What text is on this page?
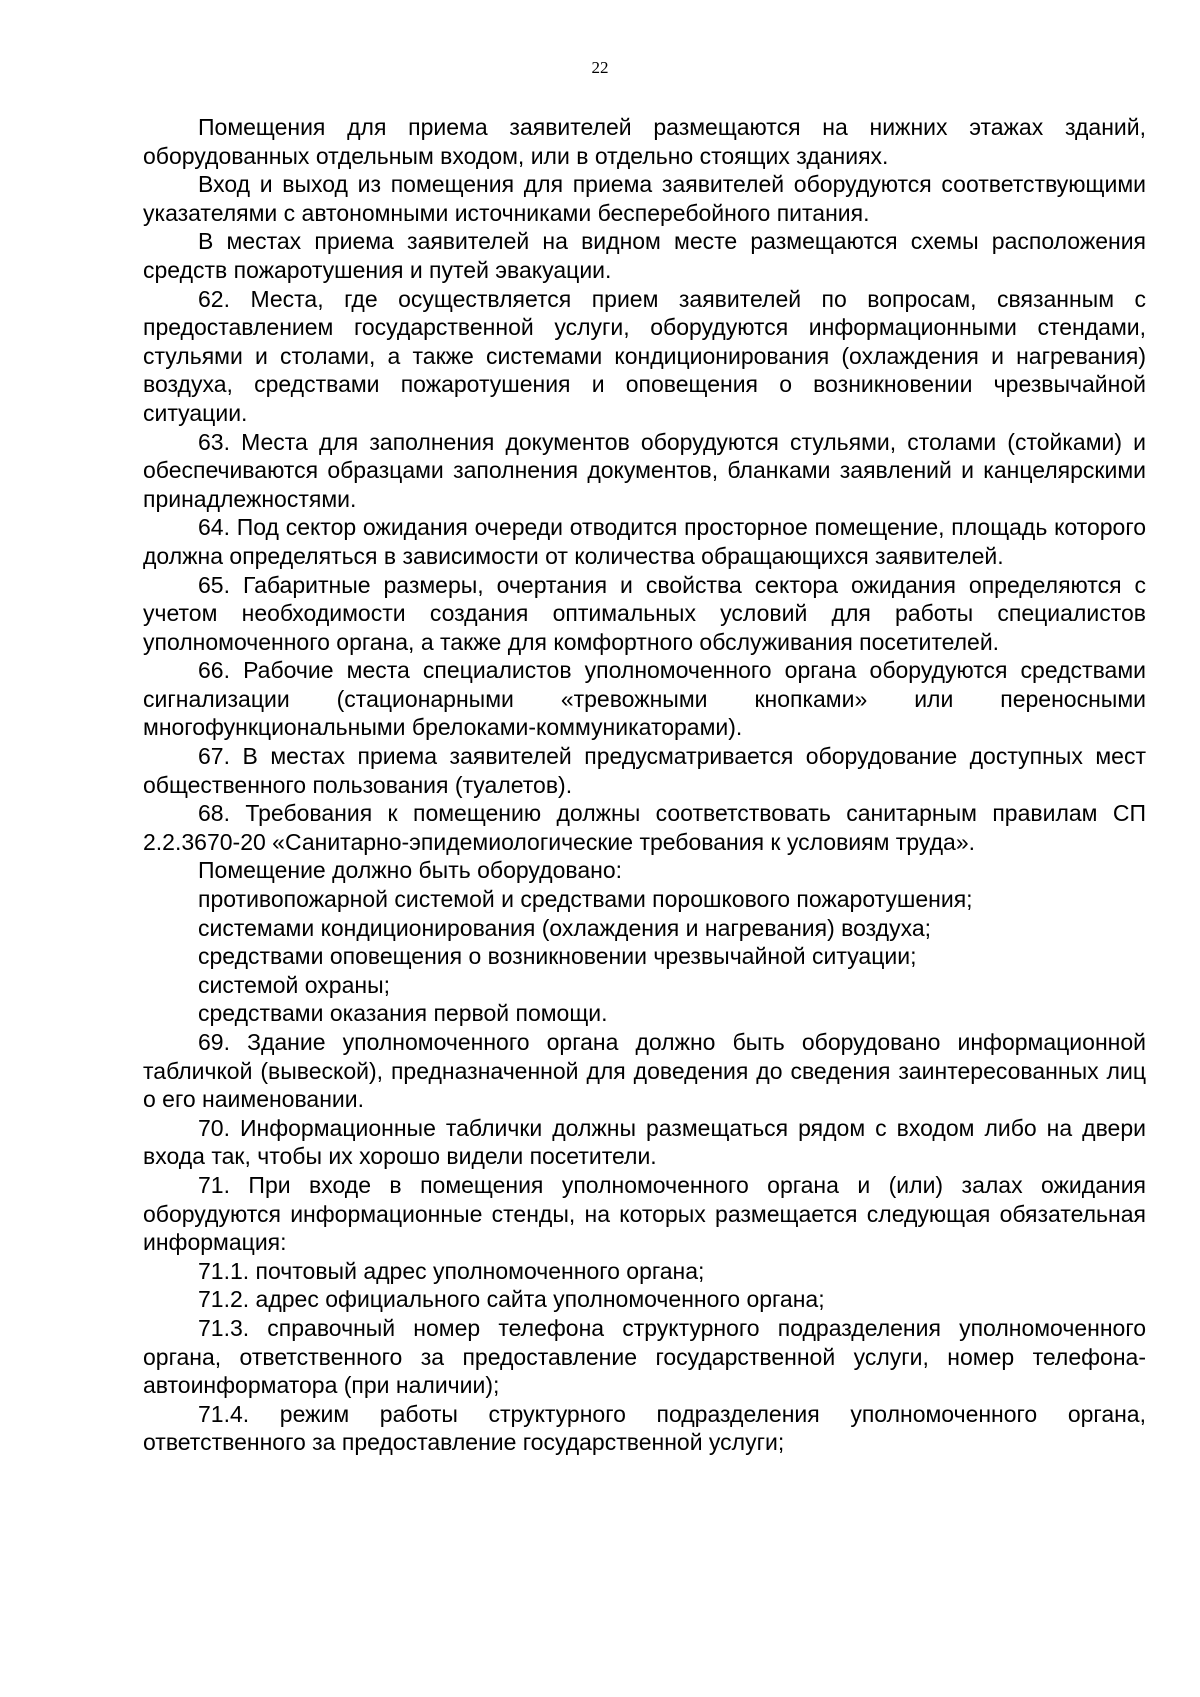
22

Помещения для приема заявителей размещаются на нижних этажах зданий, оборудованных отдельным входом, или в отдельно стоящих зданиях.

Вход и выход из помещения для приема заявителей оборудуются соответствующими указателями с автономными источниками бесперебойного питания.

В местах приема заявителей на видном месте размещаются схемы расположения средств пожаротушения и путей эвакуации.

62. Места, где осуществляется прием заявителей по вопросам, связанным с предоставлением государственной услуги, оборудуются информационными стендами, стульями и столами, а также системами кондиционирования (охлаждения и нагревания) воздуха, средствами пожаротушения и оповещения о возникновении чрезвычайной ситуации.

63. Места для заполнения документов оборудуются стульями, столами (стойками) и обеспечиваются образцами заполнения документов, бланками заявлений и канцелярскими принадлежностями.

64. Под сектор ожидания очереди отводится просторное помещение, площадь которого должна определяться в зависимости от количества обращающихся заявителей.

65. Габаритные размеры, очертания и свойства сектора ожидания определяются с учетом необходимости создания оптимальных условий для работы специалистов уполномоченного органа, а также для комфортного обслуживания посетителей.

66. Рабочие места специалистов уполномоченного органа оборудуются средствами сигнализации (стационарными «тревожными кнопками» или переносными многофункциональными брелоками-коммуникаторами).

67. В местах приема заявителей предусматривается оборудование доступных мест общественного пользования (туалетов).

68. Требования к помещению должны соответствовать санитарным правилам СП 2.2.3670-20 «Санитарно-эпидемиологические требования к условиям труда».

Помещение должно быть оборудовано:

противопожарной системой и средствами порошкового пожаротушения;

системами кондиционирования (охлаждения и нагревания) воздуха;

средствами оповещения о возникновении чрезвычайной ситуации;

системой охраны;

средствами оказания первой помощи.

69. Здание уполномоченного органа должно быть оборудовано информационной табличкой (вывеской), предназначенной для доведения до сведения заинтересованных лиц о его наименовании.

70. Информационные таблички должны размещаться рядом с входом либо на двери входа так, чтобы их хорошо видели посетители.

71. При входе в помещения уполномоченного органа и (или) залах ожидания оборудуются информационные стенды, на которых размещается следующая обязательная информация:

71.1. почтовый адрес уполномоченного органа;

71.2. адрес официального сайта уполномоченного органа;

71.3. справочный номер телефона структурного подразделения уполномоченного органа, ответственного за предоставление государственной услуги, номер телефона-автоинформатора (при наличии);

71.4. режим работы структурного подразделения уполномоченного органа, ответственного за предоставление государственной услуги;
